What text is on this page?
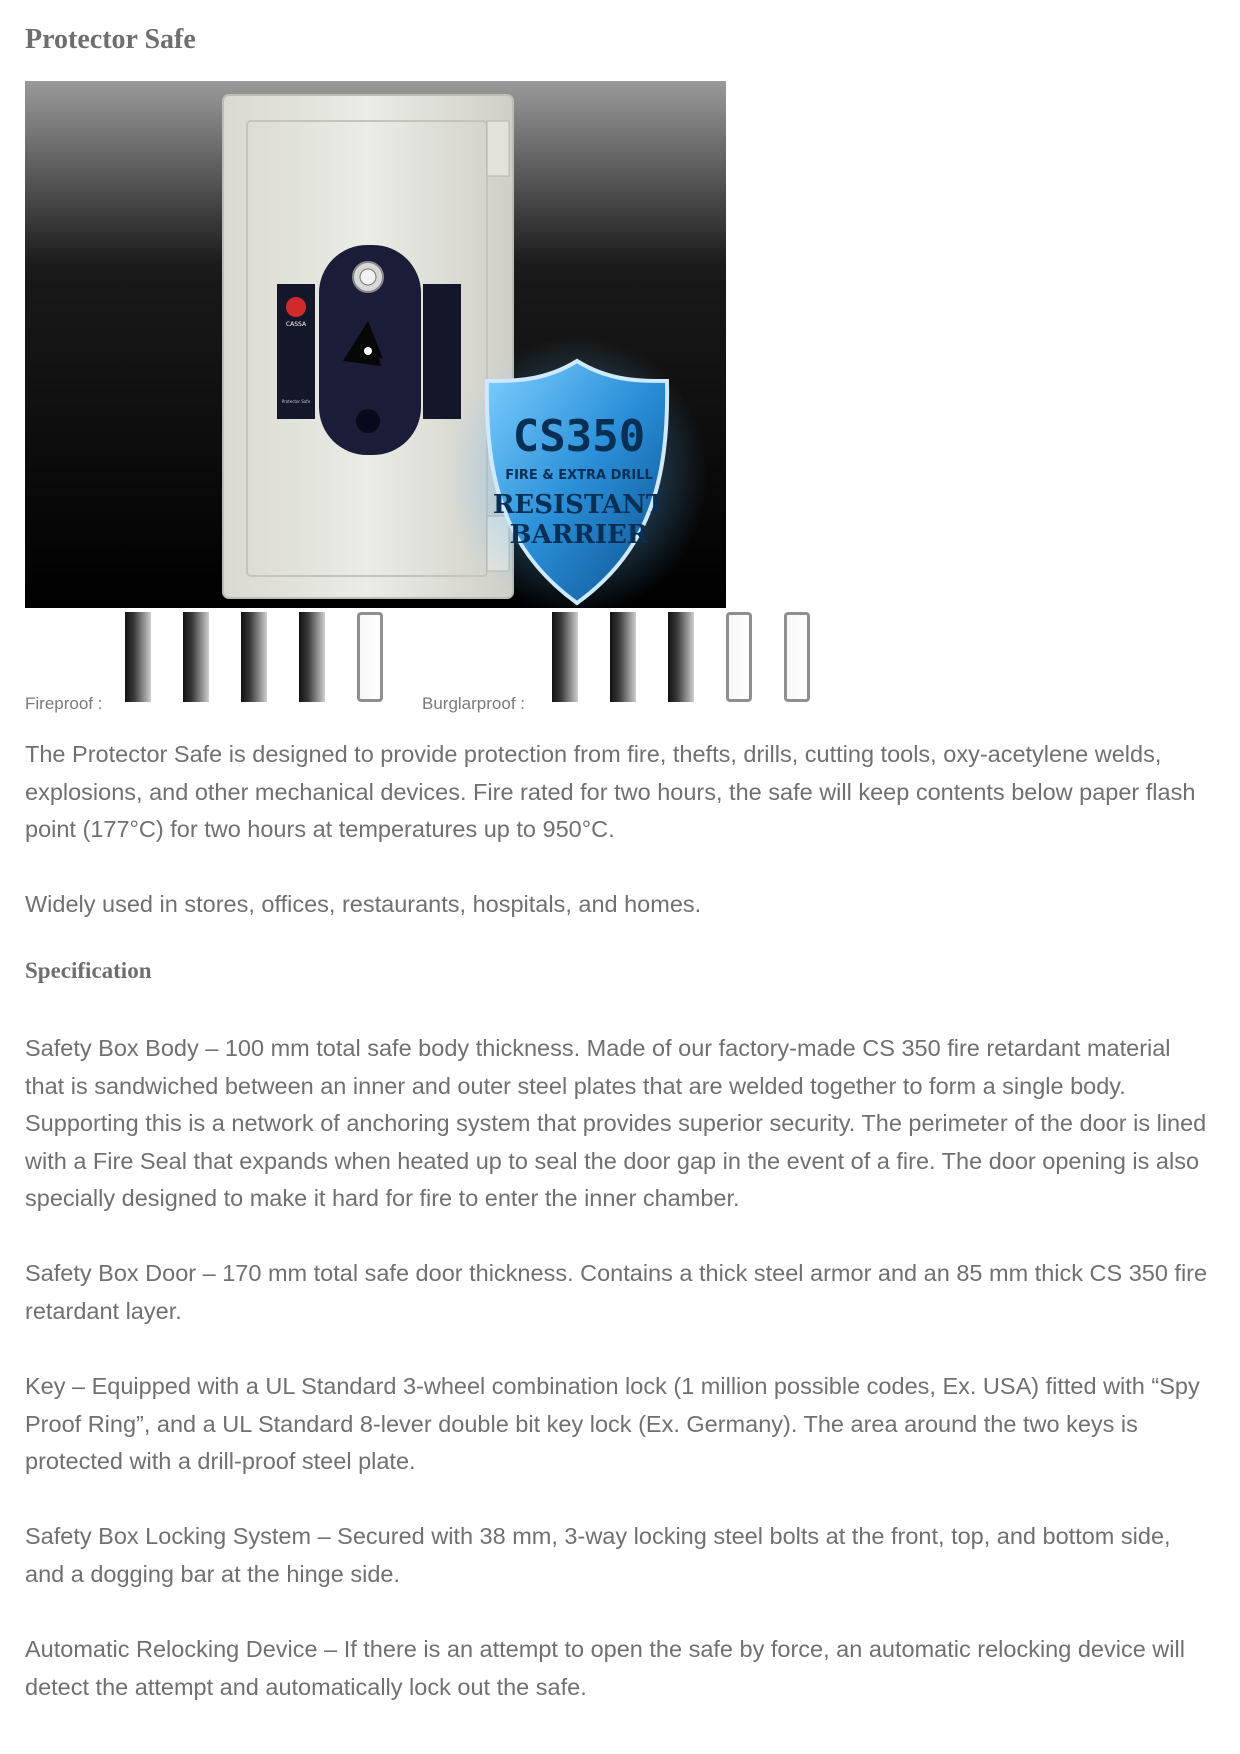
Protector Safe
CASSA
Protector Safe
CS350
FIRE & EXTRA DRILL
RESISTANT
BARRIER
Fireproof :	Burglarproof :

The Protector Safe is designed to provide protection from fire, thefts, drills, cutting tools, oxy-acetylene welds, explosions, and other mechanical devices. Fire rated for two hours, the safe will keep contents below paper flash point (177°C) for two hours at temperatures up to 950°C.

Widely used in stores, offices, restaurants, hospitals, and homes.

Specification

Safety Box Body – 100 mm total safe body thickness. Made of our factory-made CS 350 fire retardant material that is sandwiched between an inner and outer steel plates that are welded together to form a single body. Supporting this is a network of anchoring system that provides superior security. The perimeter of the door is lined with a Fire Seal that expands when heated up to seal the door gap in the event of a fire. The door opening is also specially designed to make it hard for fire to enter the inner chamber.

Safety Box Door – 170 mm total safe door thickness. Contains a thick steel armor and an 85 mm thick CS 350 fire retardant layer.

Key – Equipped with a UL Standard 3-wheel combination lock (1 million possible codes, Ex. USA) fitted with “Spy Proof Ring”, and a UL Standard 8-lever double bit key lock (Ex. Germany). The area around the two keys is protected with a drill-proof steel plate.

Safety Box Locking System – Secured with 38 mm, 3-way locking steel bolts at the front, top, and bottom side, and a dogging bar at the hinge side.

Automatic Relocking Device – If there is an attempt to open the safe by force, an automatic relocking device will detect the attempt and automatically lock out the safe.
